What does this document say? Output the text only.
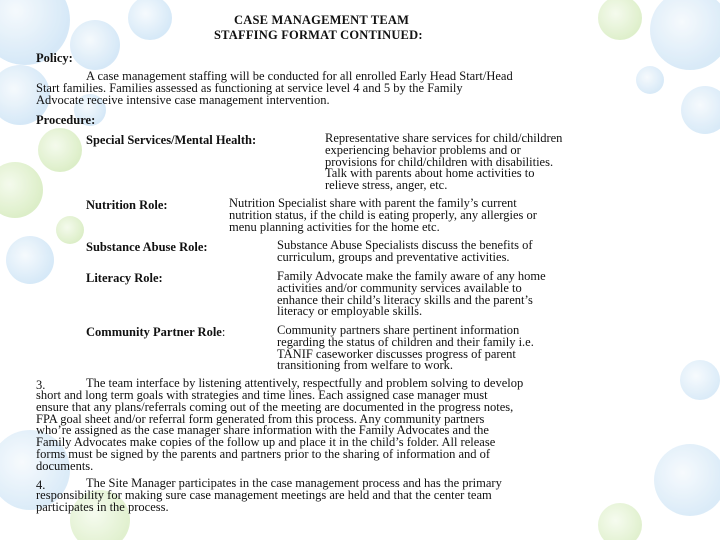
CASE MANAGEMENT TEAM
STAFFING FORMAT CONTINUED:
Policy:
A case management staffing will be conducted for all enrolled Early Head Start/Head
Start families. Families assessed as functioning at service level 4 and 5 by the Family
Advocate receive intensive case management intervention.
Procedure:
Special Services/Mental Health:	Representative share services for child/children
experiencing behavior problems and or
provisions for child/children with disabilities.
Talk with parents about home activities to
relieve stress, anger, etc.
Nutrition Role:	Nutrition Specialist share with parent the family’s current
nutrition status, if the child is eating properly, any allergies or
menu planning activities for the home etc.
Substance Abuse Role:	Substance Abuse Specialists discuss the benefits of
curriculum, groups and preventative activities.
Literacy Role:	Family Advocate make the family aware of any home
activities and/or community services available to
enhance their child’s literacy skills and the parent’s
literacy or employable skills.
Community Partner Role:	Community partners share pertinent information
regarding the status of children and their family i.e.
TANIF caseworker discusses progress of parent
transitioning from welfare to work.
3.	The team interface by listening attentively, respectfully and problem solving to develop
short and long term goals with strategies and time lines. Each assigned case manager must
ensure that any plans/referrals coming out of the meeting are documented in the progress notes,
FPA goal sheet and/or referral form generated from this process. Any community partners
who’re assigned as the case manager share information with the Family Advocates and the
Family Advocates make copies of the follow up and place it in the child’s folder. All release
forms must be signed by the parents and partners prior to the sharing of information and of
documents.
4.	The Site Manager participates in the case management process and has the primary
responsibility for making sure case management meetings are held and that the center team
participates in the process.
